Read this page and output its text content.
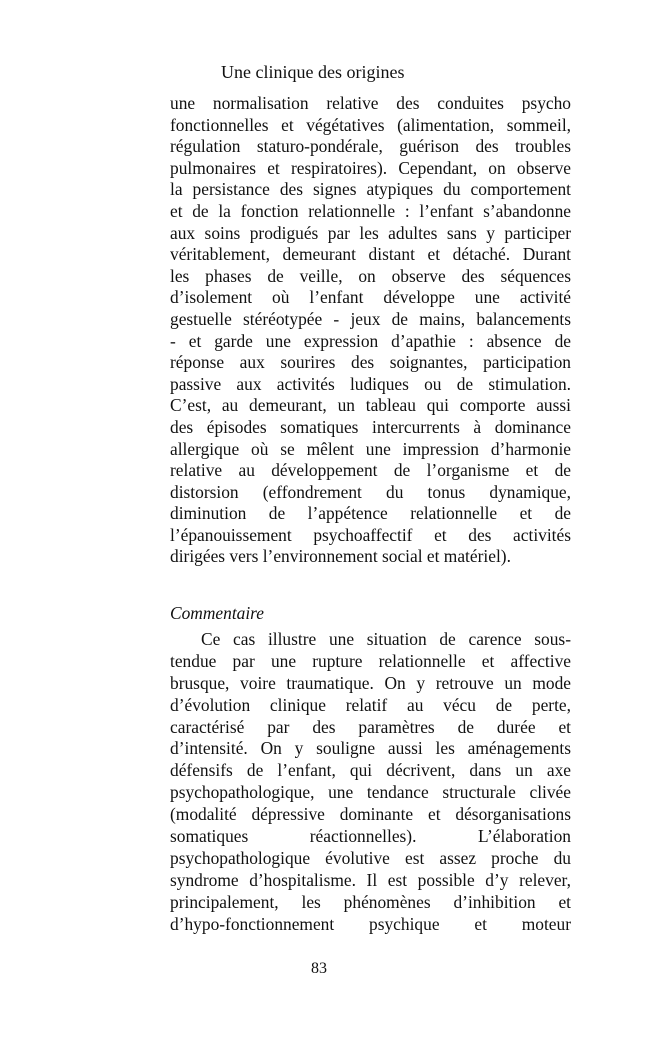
Une clinique des origines
une normalisation relative des conduites psycho
fonctionnelles et végétatives (alimentation, sommeil,
régulation staturo-pondérale, guérison des troubles
pulmonaires et respiratoires). Cependant, on observe
la persistance des signes atypiques du comportement
et de la fonction relationnelle : l’enfant s’abandonne
aux soins prodigués par les adultes sans y participer
véritablement, demeurant distant et détaché. Durant
les phases de veille, on observe des séquences
d’isolement où l’enfant développe une activité
gestuelle stéréotypée - jeux de mains, balancements
- et garde une expression d’apathie : absence de
réponse aux sourires des soignantes, participation
passive aux activités ludiques ou de stimulation.
C’est, au demeurant, un tableau qui comporte aussi
des épisodes somatiques intercurrents à dominance
allergique où se mêlent une impression d’harmonie
relative au développement de l’organisme et de
distorsion (effondrement du tonus dynamique,
diminution de l’appétence relationnelle et de
l’épanouissement psychoaffectif et des activités
dirigées vers l’environnement social et matériel).
Commentaire
Ce cas illustre une situation de carence sous-
tendue par une rupture relationnelle et affective
brusque, voire traumatique. On y retrouve un mode
d’évolution clinique relatif au vécu de perte,
caractérisé par des paramètres de durée et
d’intensité. On y souligne aussi les aménagements
défensifs de l’enfant, qui décrivent, dans un axe
psychopathologique, une tendance structurale clivée
(modalité dépressive dominante et désorganisations
somatiques réactionnelles). L’élaboration
psychopathologique évolutive est assez proche du
syndrome d’hospitalisme. Il est possible d’y relever,
principalement, les phénomènes d’inhibition et
d’hypo-fonctionnement psychique et moteur
83
